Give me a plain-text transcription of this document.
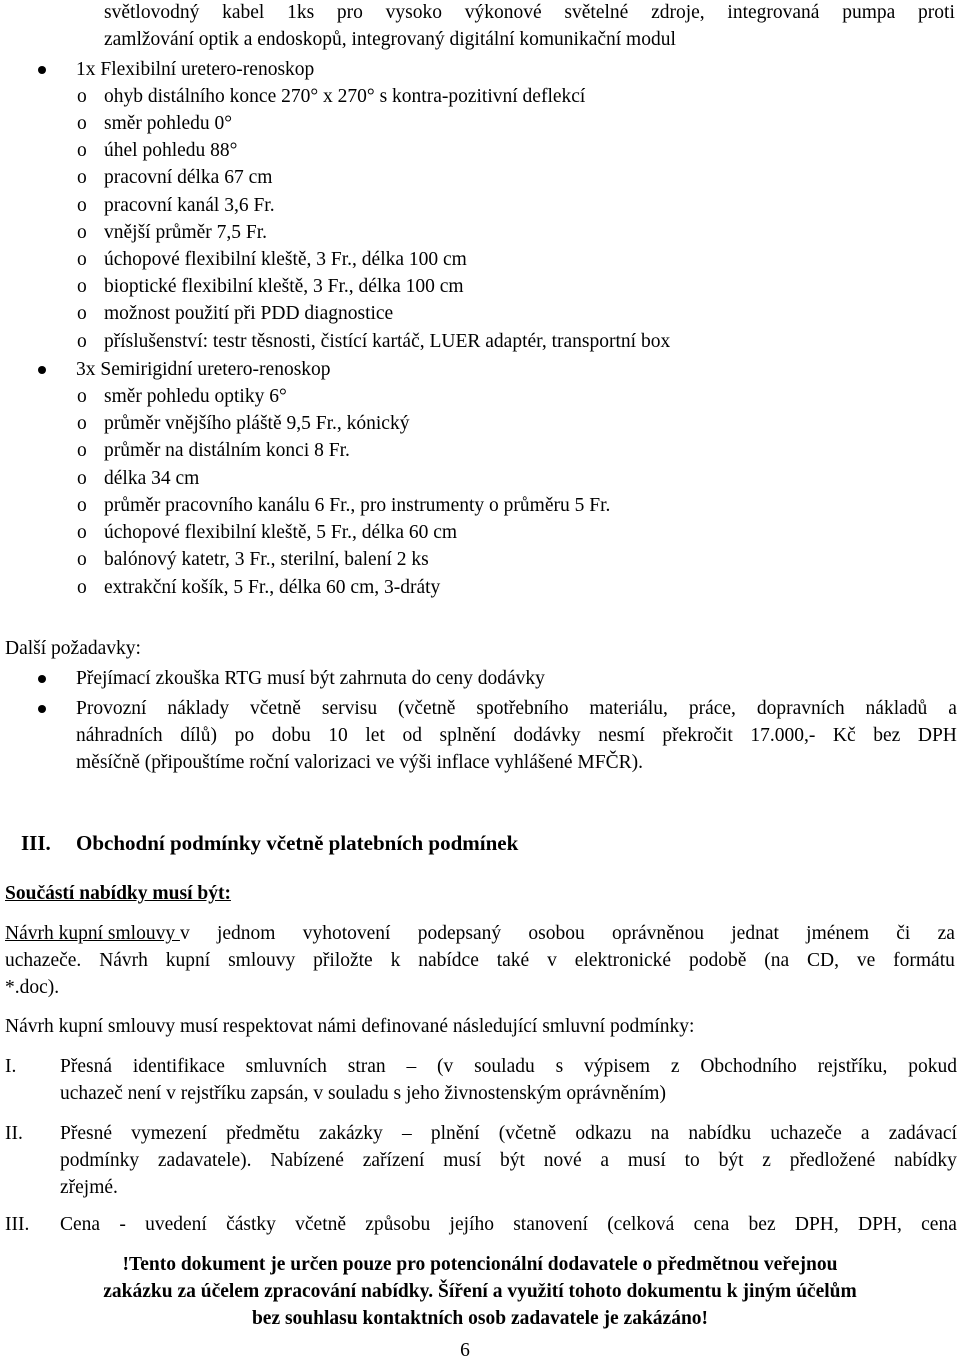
světlovodný kabel 1ks pro vysoko výkonové světelné zdroje, integrovaná pumpa proti
zamlžování optik a endoskopů, integrovaný digitální komunikační modul
1x Flexibilní uretero-renoskop
o ohyb distálního konce 270° x 270° s kontra-pozitivní deflekcí
o směr pohledu 0°
o úhel pohledu 88°
o pracovní délka 67 cm
o pracovní kanál 3,6 Fr.
o vnější průměr 7,5 Fr.
o úchopové flexibilní kleště, 3 Fr., délka 100 cm
o bioptické flexibilní kleště, 3 Fr., délka 100 cm
o možnost použití při PDD diagnostice
o příslušenství: testr těsnosti, čistící kartáč, LUER adaptér, transportní box
3x Semirigidní uretero-renoskop
o směr pohledu optiky 6°
o průměr vnějšího pláště 9,5 Fr., kónický
o průměr na distálním konci 8 Fr.
o délka 34 cm
o průměr pracovního kanálu 6 Fr., pro instrumenty o průměru 5 Fr.
o úchopové flexibilní kleště, 5 Fr., délka 60 cm
o balónový katetr, 3 Fr., sterilní, balení 2 ks
o extrakční košík, 5 Fr., délka 60 cm, 3-dráty
Další požadavky:
Přejímací zkouška RTG musí být zahrnuta do ceny dodávky
Provozní náklady včetně servisu (včetně spotřebního materiálu, práce, dopravních nákladů a
náhradních dílů) po dobu 10 let od splnění dodávky nesmí překročit 17.000,- Kč bez DPH
měsíčně (připouštíme roční valorizaci ve výši inflace vyhlášené MFČR).
III. Obchodní podmínky včetně platebních podmínek
Součástí nabídky musí být:
Návrh kupní smlouvy v jednom vyhotovení podepsaný osobou oprávněnou jednat jménem či za
uchazeče. Návrh kupní smlouvy přiložte k nabídce také v elektronické podobě (na CD, ve formátu
*.doc).
Návrh kupní smlouvy musí respektovat námi definované následující smluvní podmínky:
I. Přesná identifikace smluvních stran – (v souladu s výpisem z Obchodního rejstříku, pokud
uchazeč není v rejstříku zapsán, v souladu s jeho živnostenským oprávněním)
II. Přesné vymezení předmětu zakázky – plnění (včetně odkazu na nabídku uchazeče a zadávací
podmínky zadavatele). Nabízené zařízení musí být nové a musí to být z předložené nabídky
zřejmé.
III. Cena - uvedení částky včetně způsobu jejího stanovení (celková cena bez DPH, DPH, cena
!Tento dokument je určen pouze pro potencionální dodavatele o předmětnou veřejnou
zakázku za účelem zpracování nabídky. Šíření a využití tohoto dokumentu k jiným účelům
bez souhlasu kontaktních osob zadavatele je zakázáno!
6
